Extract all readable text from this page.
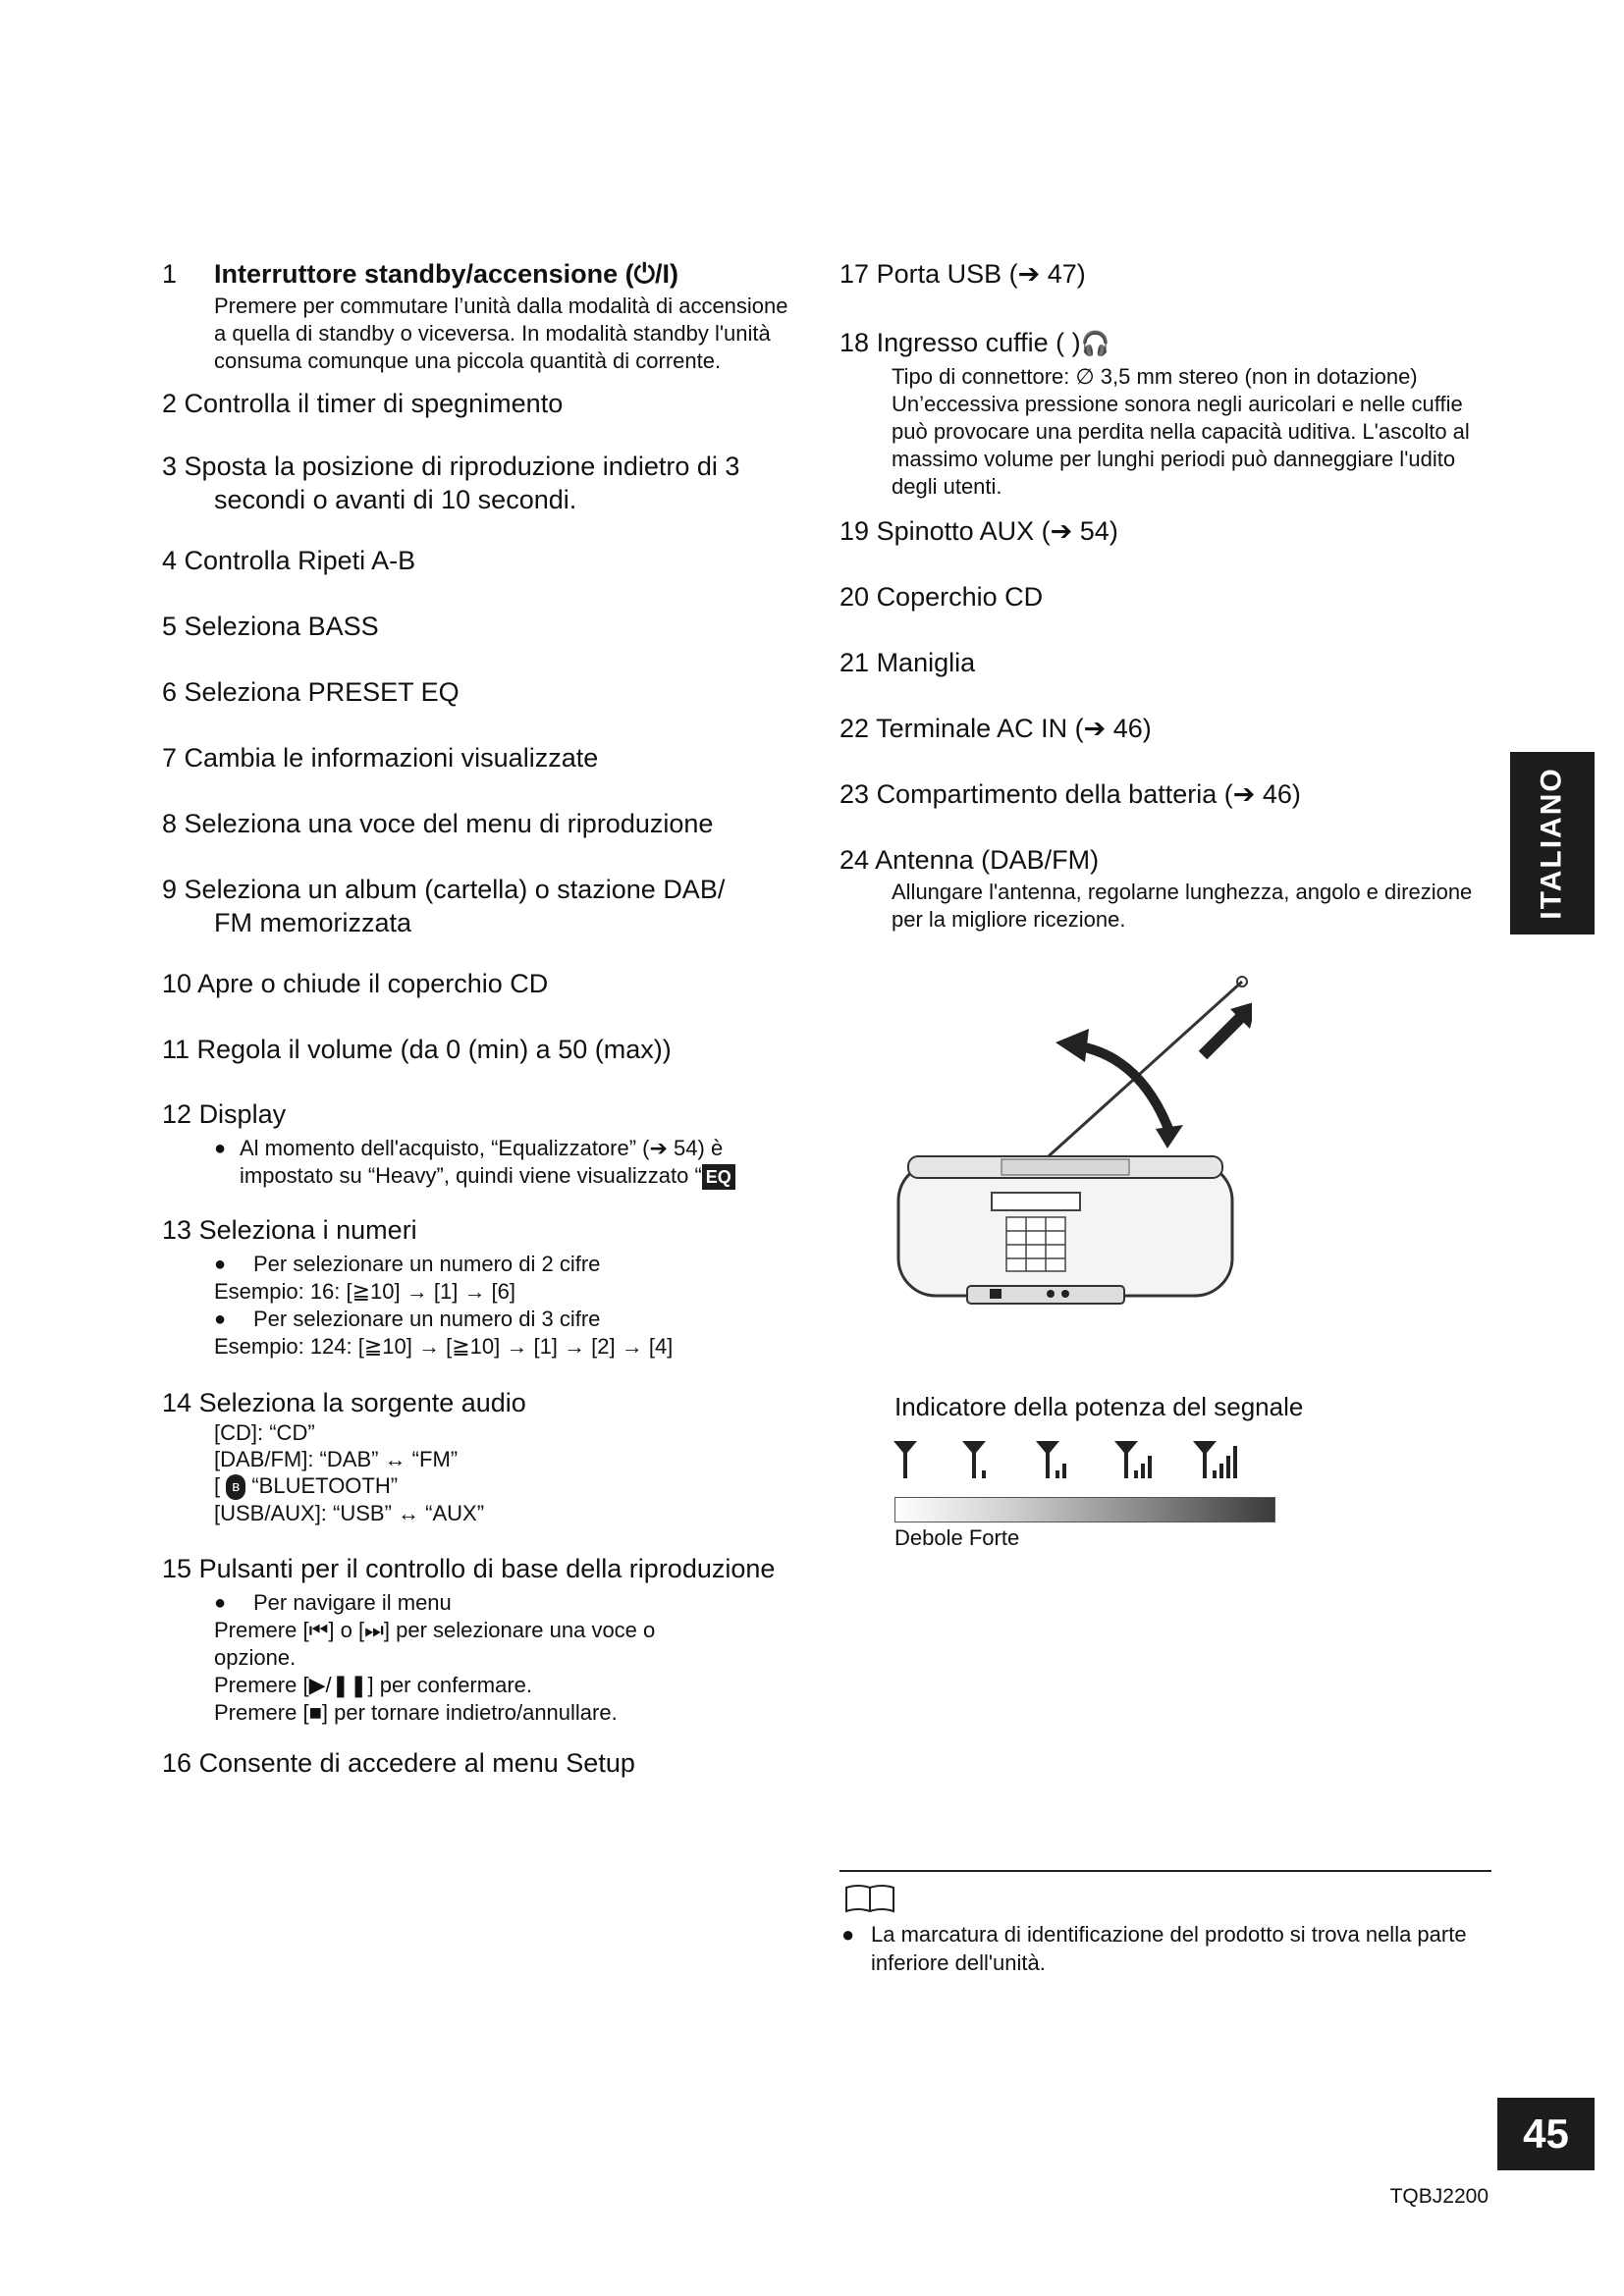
1 Interruttore standby/accensione (⏻/I)
Premere per commutare l’unità dalla modalità di accensione a quella di standby o viceversa. In modalità standby l'unità consuma comunque una piccola quantità di corrente.
2 Controlla il timer di spegnimento
3 Sposta la posizione di riproduzione indietro di 3
secondi o avanti di 10 secondi.
4 Controlla Ripeti A-B
5 Seleziona BASS
6 Seleziona PRESET EQ
7 Cambia le informazioni visualizzate
8 Seleziona una voce del menu di riproduzione
9 Seleziona un album (cartella) o stazione DAB/
FM memorizzata
10 Apre o chiude il coperchio CD
11 Regola il volume (da 0 (min) a 50 (max))
12 Display
● Al momento dell'acquisto, “Equalizzatore” (➔ 54) è
impostato su “Heavy”, quindi viene visualizzato “ EQ
13 Seleziona i numeri
●	Per selezionare un numero di 2 cifre
Esempio: 16: [≧10] → [1] → [6]
●	Per selezionare un numero di 3 cifre
Esempio: 124: [≧10] → [≧10] → [1] → [2] → [4]
14 Seleziona la sorgente audio
[CD]: “CD”
[DAB/FM]: “DAB” ↔ “FM”
[ ʙ “BLUETOOTH”
[USB/AUX]: “USB” ↔ “AUX”
15 Pulsanti per il controllo di base della riproduzione
●	Per navigare il menu
Premere [⏮] o [⏭] per selezionare una voce o
opzione.
Premere [▶/❚❚] per confermare.
Premere [■] per tornare indietro/annullare.
16 Consente di accedere al menu Setup
17 Porta USB (➔ 47)
18 Ingresso cuffie ( )🎧
Tipo di connettore: ∅ 3,5 mm stereo (non in dotazione) Un’eccessiva pressione sonora negli auricolari e nelle cuffie può provocare una perdita nella capacità uditiva. L'ascolto al massimo volume per lunghi periodi può danneggiare l'udito degli utenti.
19 Spinotto AUX (➔ 54)
20 Coperchio CD
21 Maniglia
22 Terminale AC IN (➔ 46)
23 Compartimento della batteria (➔ 46)
24 Antenna (DAB/FM)
Allungare l'antenna, regolarne lunghezza, angolo e direzione per la migliore ricezione.
Indicatore della potenza del segnale
Debole Forte
● La marcatura di identificazione del prodotto si trova nella parte inferiore dell'unità.
ITALIANO
45
TQBJ2200
